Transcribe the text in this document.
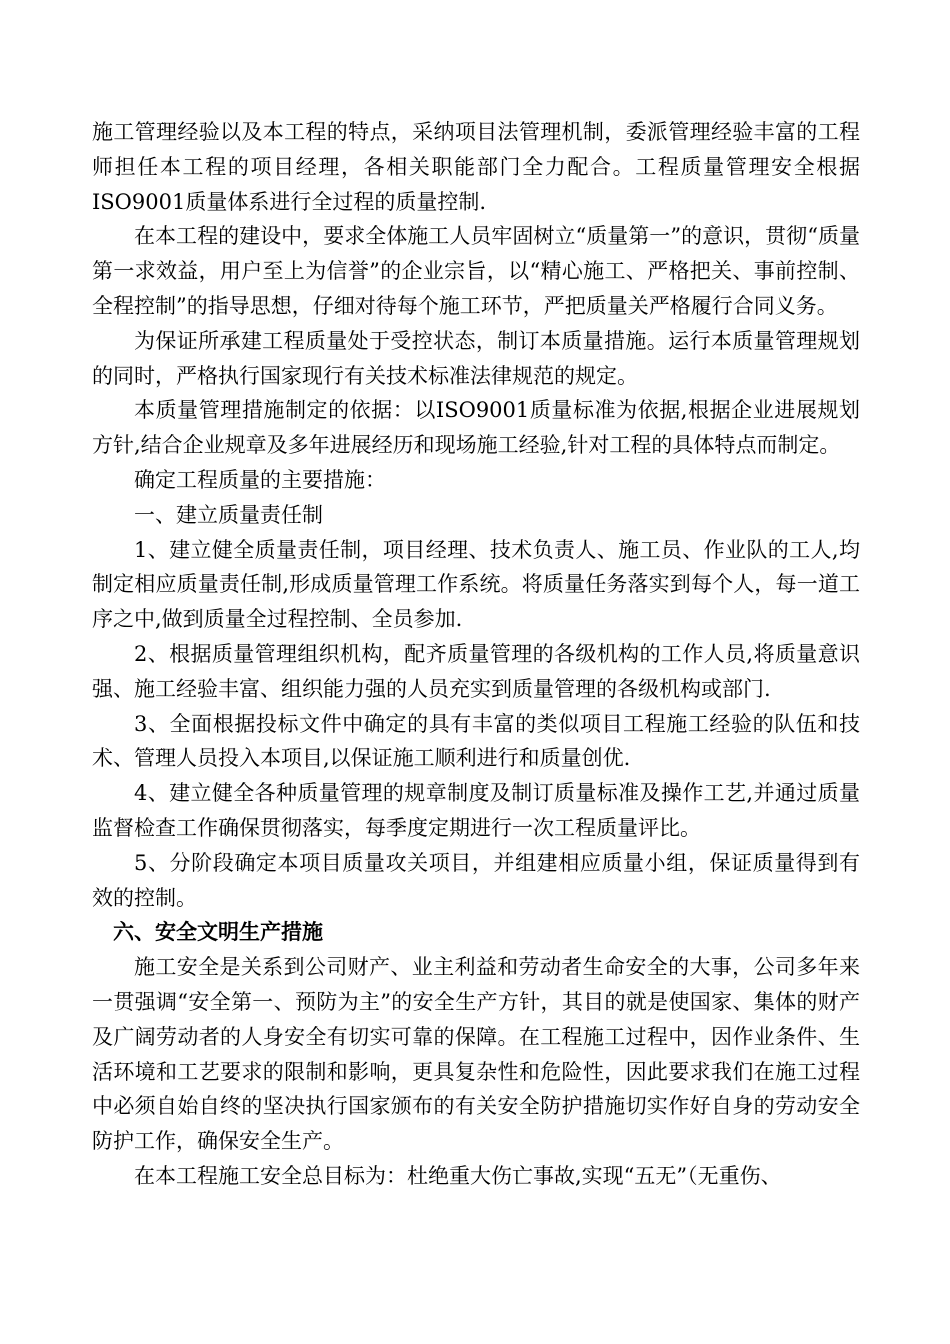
施工管理经验以及本工程的特点，采纳项目法管理机制，委派管理经验丰富的工程师担任本工程的项目经理，各相关职能部门全力配合。工程质量管理安全根据ISO9001质量体系进行全过程的质量控制.

在本工程的建设中，要求全体施工人员牢固树立“质量第一”的意识，贯彻“质量第一求效益，用户至上为信誉”的企业宗旨，以“精心施工、严格把关、事前控制、全程控制”的指导思想，仔细对待每个施工环节，严把质量关严格履行合同义务。

为保证所承建工程质量处于受控状态，制订本质量措施。运行本质量管理规划的同时，严格执行国家现行有关技术标准法律规范的规定。

本质量管理措施制定的依据：以ISO9001质量标准为依据,根据企业进展规划方针,结合企业规章及多年进展经历和现场施工经验,针对工程的具体特点而制定。

确定工程质量的主要措施：

一、建立质量责任制

1、建立健全质量责任制，项目经理、技术负责人、施工员、作业队的工人,均制定相应质量责任制,形成质量管理工作系统。将质量任务落实到每个人，每一道工序之中,做到质量全过程控制、全员参加.

2、根据质量管理组织机构，配齐质量管理的各级机构的工作人员,将质量意识强、施工经验丰富、组织能力强的人员充实到质量管理的各级机构或部门.

3、全面根据投标文件中确定的具有丰富的类似项目工程施工经验的队伍和技术、管理人员投入本项目,以保证施工顺利进行和质量创优.

4、建立健全各种质量管理的规章制度及制订质量标准及操作工艺,并通过质量监督检查工作确保贯彻落实，每季度定期进行一次工程质量评比。

5、分阶段确定本项目质量攻关项目，并组建相应质量小组，保证质量得到有效的控制。

六、安全文明生产措施

施工安全是关系到公司财产、业主利益和劳动者生命安全的大事，公司多年来一贯强调“安全第一、预防为主”的安全生产方针，其目的就是使国家、集体的财产及广阔劳动者的人身安全有切实可靠的保障。在工程施工过程中，因作业条件、生活环境和工艺要求的限制和影响，更具复杂性和危险性，因此要求我们在施工过程中必须自始自终的坚决执行国家颁布的有关安全防护措施切实作好自身的劳动安全防护工作，确保安全生产。

在本工程施工安全总目标为：杜绝重大伤亡事故,实现“五无”（无重伤、
